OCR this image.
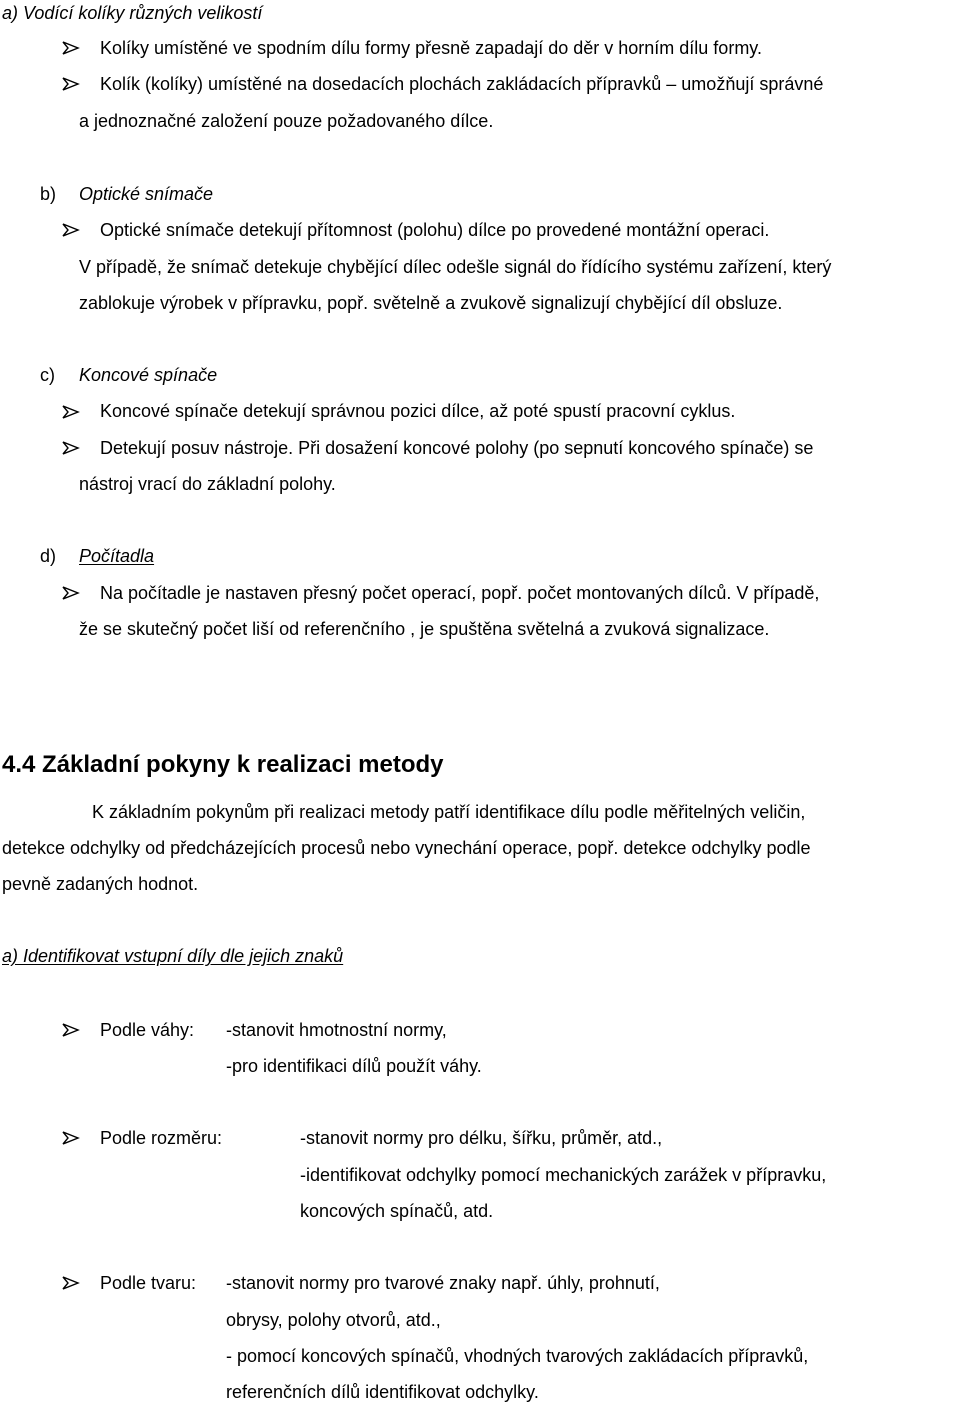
a) Vodící kolíky různých velikostí
Kolíky umístěné ve spodním dílu formy přesně zapadají do děr v horním dílu formy.
Kolík (kolíky) umístěné na dosedacích plochách zakládacích přípravků – umožňují správné
a jednoznačné založení pouze požadovaného dílce.
b) Optické snímače
Optické snímače detekují přítomnost (polohu) dílce po provedené montážní operaci.
V případě, že snímač detekuje chybějící dílec odešle signál do řídícího systému zařízení, který
zablokuje výrobek v přípravku, popř. světelně a zvukově signalizují chybějící díl obsluze.
c) Koncové spínače
Koncové spínače detekují správnou pozici dílce, až poté spustí pracovní cyklus.
Detekují posuv nástroje. Při dosažení koncové polohy (po sepnutí koncového spínače) se
nástroj vrací do základní polohy.
d) Počítadla
Na počítadle je nastaven přesný počet operací, popř. počet montovaných dílců. V případě,
že se skutečný počet liší od referenčního , je spuštěna světelná a zvuková signalizace.
4.4 Základní pokyny k realizaci metody
K základním pokynům při realizaci metody patří identifikace dílu podle měřitelných veličin,
detekce odchylky od předcházejících procesů nebo vynechání operace, popř. detekce odchylky podle
pevně zadaných hodnot.
a) Identifikovat vstupní díly dle jejich znaků
Podle váhy: -stanovit hmotnostní normy,
-pro identifikaci dílů použít váhy.
Podle rozměru:	-stanovit normy pro délku, šířku, průměr, atd.,
-identifikovat odchylky pomocí mechanických zarážek v přípravku,
koncových spínačů, atd.
Podle tvaru: -stanovit normy pro tvarové znaky např. úhly, prohnutí,
obrysy, polohy otvorů, atd.,
- pomocí koncových spínačů, vhodných tvarových zakládacích přípravků,
referenčních dílů identifikovat odchylky.
